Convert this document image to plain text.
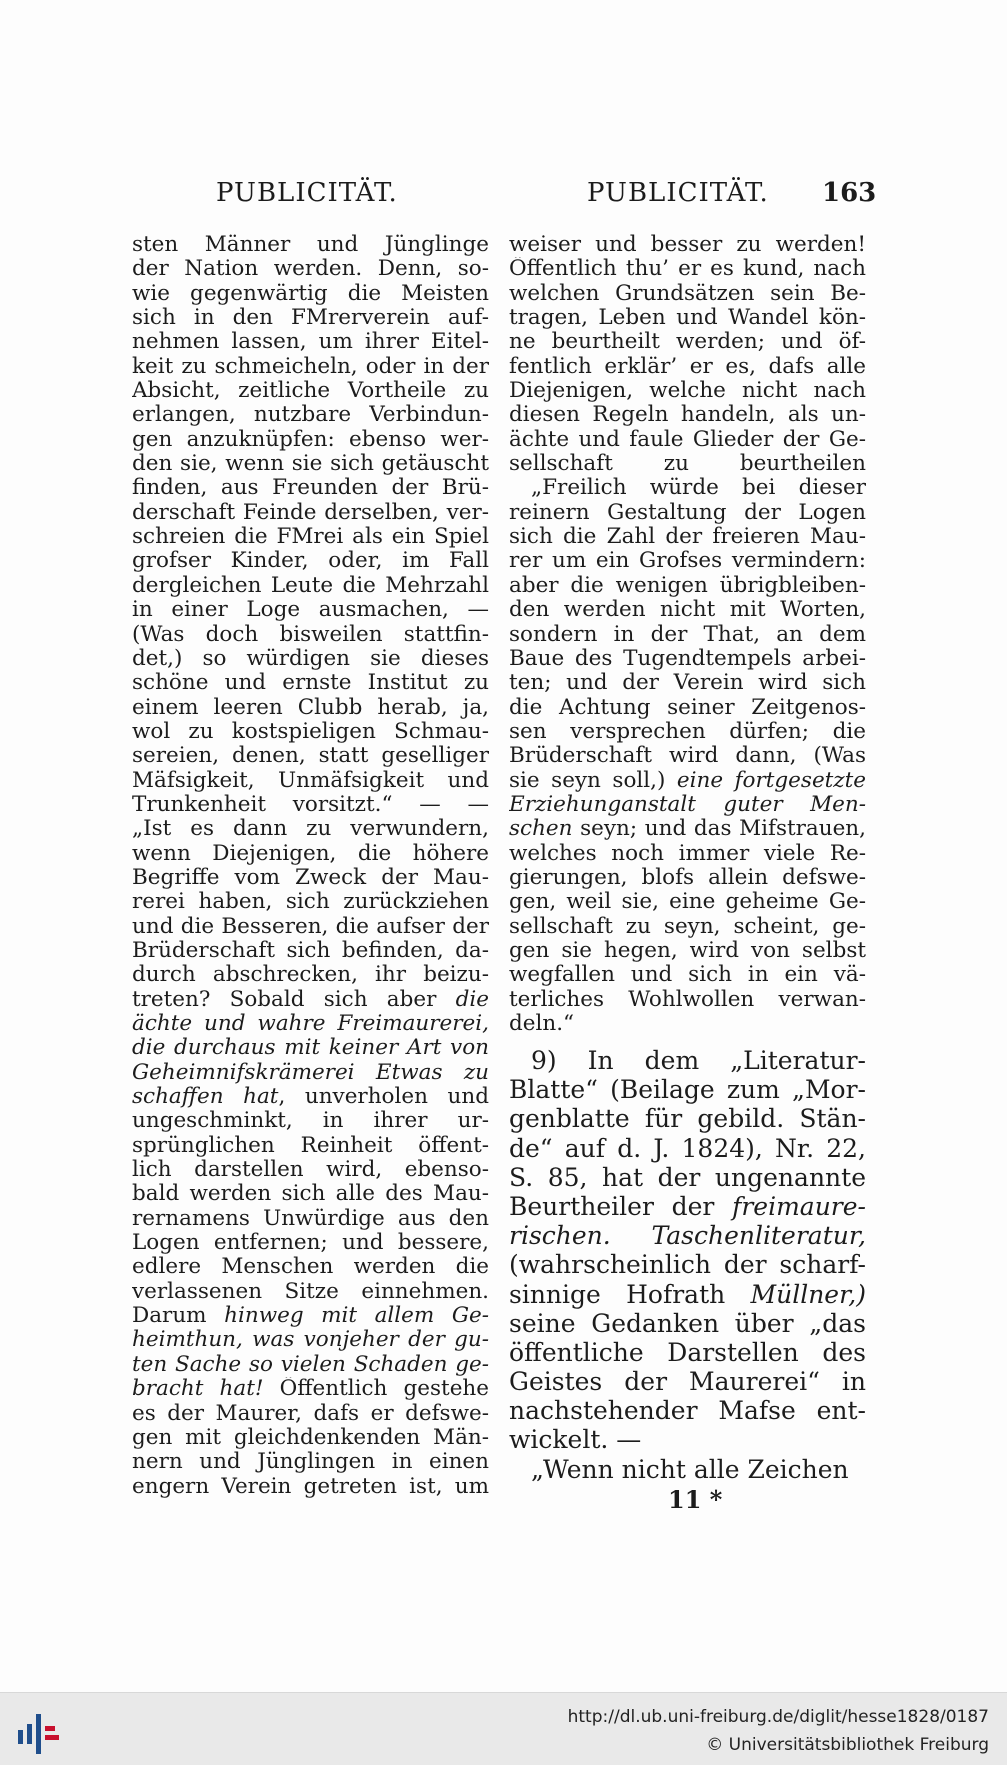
PUBLICITÄT.	PUBLICITÄT. 163
sten Männer und Jünglinge
der Nation werden. Denn, so-
wie gegenwärtig die Meisten
sich in den FMrerverein auf-
nehmen lassen, um ihrer Eitel-
keit zu schmeicheln, oder in der
Absicht, zeitliche Vortheile zu
erlangen, nutzbare Verbindun-
gen anzuknüpfen: ebenso wer-
den sie, wenn sie sich getäuscht
finden, aus Freunden der Brü-
derschaft Feinde derselben, ver-
schreien die FMrei als ein Spiel
grofser Kinder, oder, im Fall
dergleichen Leute die Mehrzahl
in einer Loge ausmachen, —
(Was doch bisweilen stattfin-
det,) so würdigen sie dieses
schöne und ernste Institut zu
einem leeren Clubb herab, ja,
wol zu kostspieligen Schmau-
sereien, denen, statt geselliger
Mäfsigkeit, Unmäfsigkeit und
Trunkenheit vorsitzt.“ — —
„Ist es dann zu verwundern,
wenn Diejenigen, die höhere
Begriffe vom Zweck der Mau-
rerei haben, sich zurückziehen
und die Besseren, die aufser der
Brüderschaft sich befinden, da-
durch abschrecken, ihr beizu-
treten? Sobald sich aber die
ächte und wahre Freimaurerei,
die durchaus mit keiner Art von
Geheimnifskrämerei Etwas zu
schaffen hat, unverholen und
ungeschminkt, in ihrer ur-
sprünglichen Reinheit öffent-
lich darstellen wird, ebenso-
bald werden sich alle des Mau-
rernamens Unwürdige aus den
Logen entfernen; und bessere,
edlere Menschen werden die
verlassenen Sitze einnehmen.
Darum hinweg mit allem Ge-
heimthun, was vonjeher der gu-
ten Sache so vielen Schaden ge-
bracht hat! Öffentlich gestehe
es der Maurer, dafs er defswe-
gen mit gleichdenkenden Män-
nern und Jünglingen in einen
engern Verein getreten ist, um
weiser und besser zu werden!
Öffentlich thu’ er es kund, nach
welchen Grundsätzen sein Be-
tragen, Leben und Wandel kön-
ne beurtheilt werden; und öf-
fentlich erklär’ er es, dafs alle
Diejenigen, welche nicht nach
diesen Regeln handeln, als un-
ächte und faule Glieder der Ge-
sellschaft zu beurtheilen
„Freilich würde bei dieser
reinern Gestaltung der Logen
sich die Zahl der freieren Mau-
rer um ein Grofses vermindern:
aber die wenigen übrigbleiben-
den werden nicht mit Worten,
sondern in der That, an dem
Baue des Tugendtempels arbei-
ten; und der Verein wird sich
die Achtung seiner Zeitgenos-
sen versprechen dürfen; die
Brüderschaft wird dann, (Was
sie seyn soll,) eine fortgesetzte
Erziehunganstalt guter Men-
schen seyn; und das Mifstrauen,
welches noch immer viele Re-
gierungen, blofs allein defswe-
gen, weil sie, eine geheime Ge-
sellschaft zu seyn, scheint, ge-
gen sie hegen, wird von selbst
wegfallen und sich in ein vä-
terliches Wohlwollen verwan-
deln.“
9) In dem „Literatur-
Blatte“ (Beilage zum „Mor-
genblatte für gebild. Stän-
de“ auf d. J. 1824), Nr. 22,
S. 85, hat der ungenannte
Beurtheiler der freimaure-
rischen. Taschenliteratur,
(wahrscheinlich der scharf-
sinnige Hofrath Müllner,)
seine Gedanken über „das
öffentliche Darstellen des
Geistes der Maurerei“ in
nachstehender Mafse ent-
wickelt. —
„Wenn nicht alle Zeichen
11 *
http://dl.ub.uni-freiburg.de/diglit/hesse1828/0187
© Universitätsbibliothek Freiburg
